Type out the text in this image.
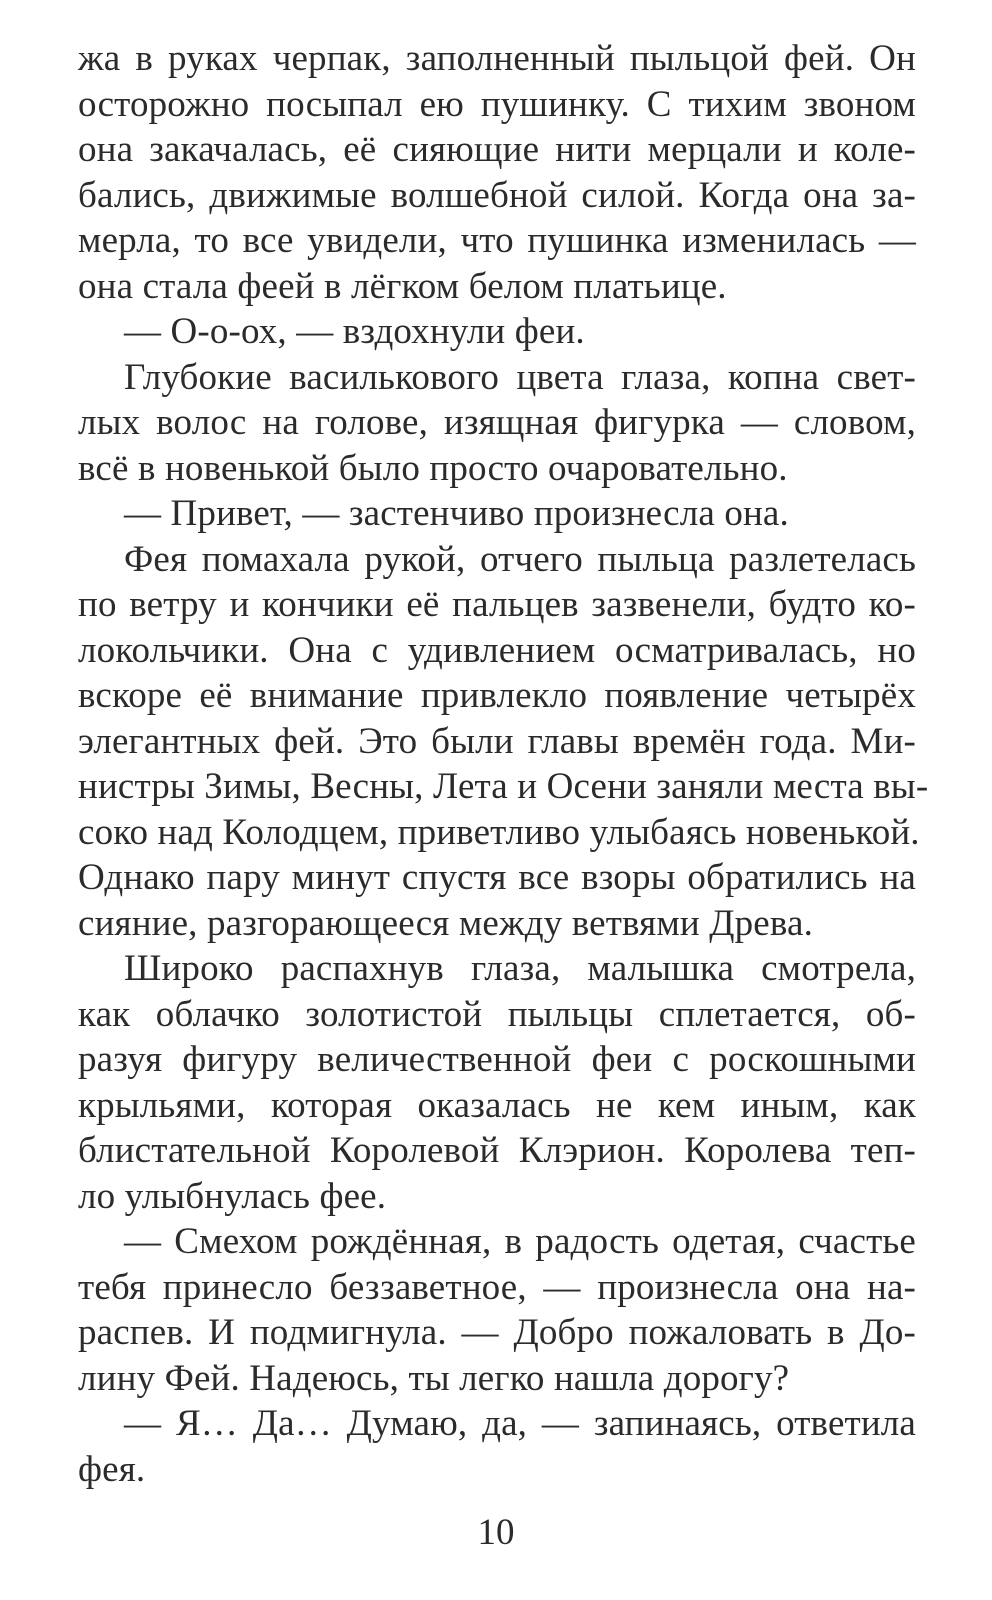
жа в руках черпак, заполненный пыльцой фей. Он
осторожно посыпал ею пушинку. С тихим звоном
она закачалась, её сияющие нити мерцали и коле-
бались, движимые волшебной силой. Когда она за-
мерла, то все увидели, что пушинка изменилась —
она стала феей в лёгком белом платьице.
— О-о-ох, — вздохнули феи.
Глубокие василькового цвета глаза, копна свет-
лых волос на голове, изящная фигурка — словом,
всё в новенькой было просто очаровательно.
— Привет, — застенчиво произнесла она.
Фея помахала рукой, отчего пыльца разлетелась
по ветру и кончики её пальцев зазвенели, будто ко-
локольчики. Она с удивлением осматривалась, но
вскоре её внимание привлекло появление четырёх
элегантных фей. Это были главы времён года. Ми-
нистры Зимы, Весны, Лета и Осени заняли места вы-
соко над Колодцем, приветливо улыбаясь новенькой.
Однако пару минут спустя все взоры обратились на
сияние, разгорающееся между ветвями Древа.
Широко распахнув глаза, малышка смотрела,
как облачко золотистой пыльцы сплетается, об-
разуя фигуру величественной феи с роскошными
крыльями, которая оказалась не кем иным, как
блистательной Королевой Клэрион. Королева теп-
ло улыбнулась фее.
— Смехом рождённая, в радость одетая, счастье
тебя принесло беззаветное, — произнесла она на-
распев. И подмигнула. — Добро пожаловать в До-
лину Фей. Надеюсь, ты легко нашла дорогу?
— Я… Да… Думаю, да, — запинаясь, ответила
фея.
10
